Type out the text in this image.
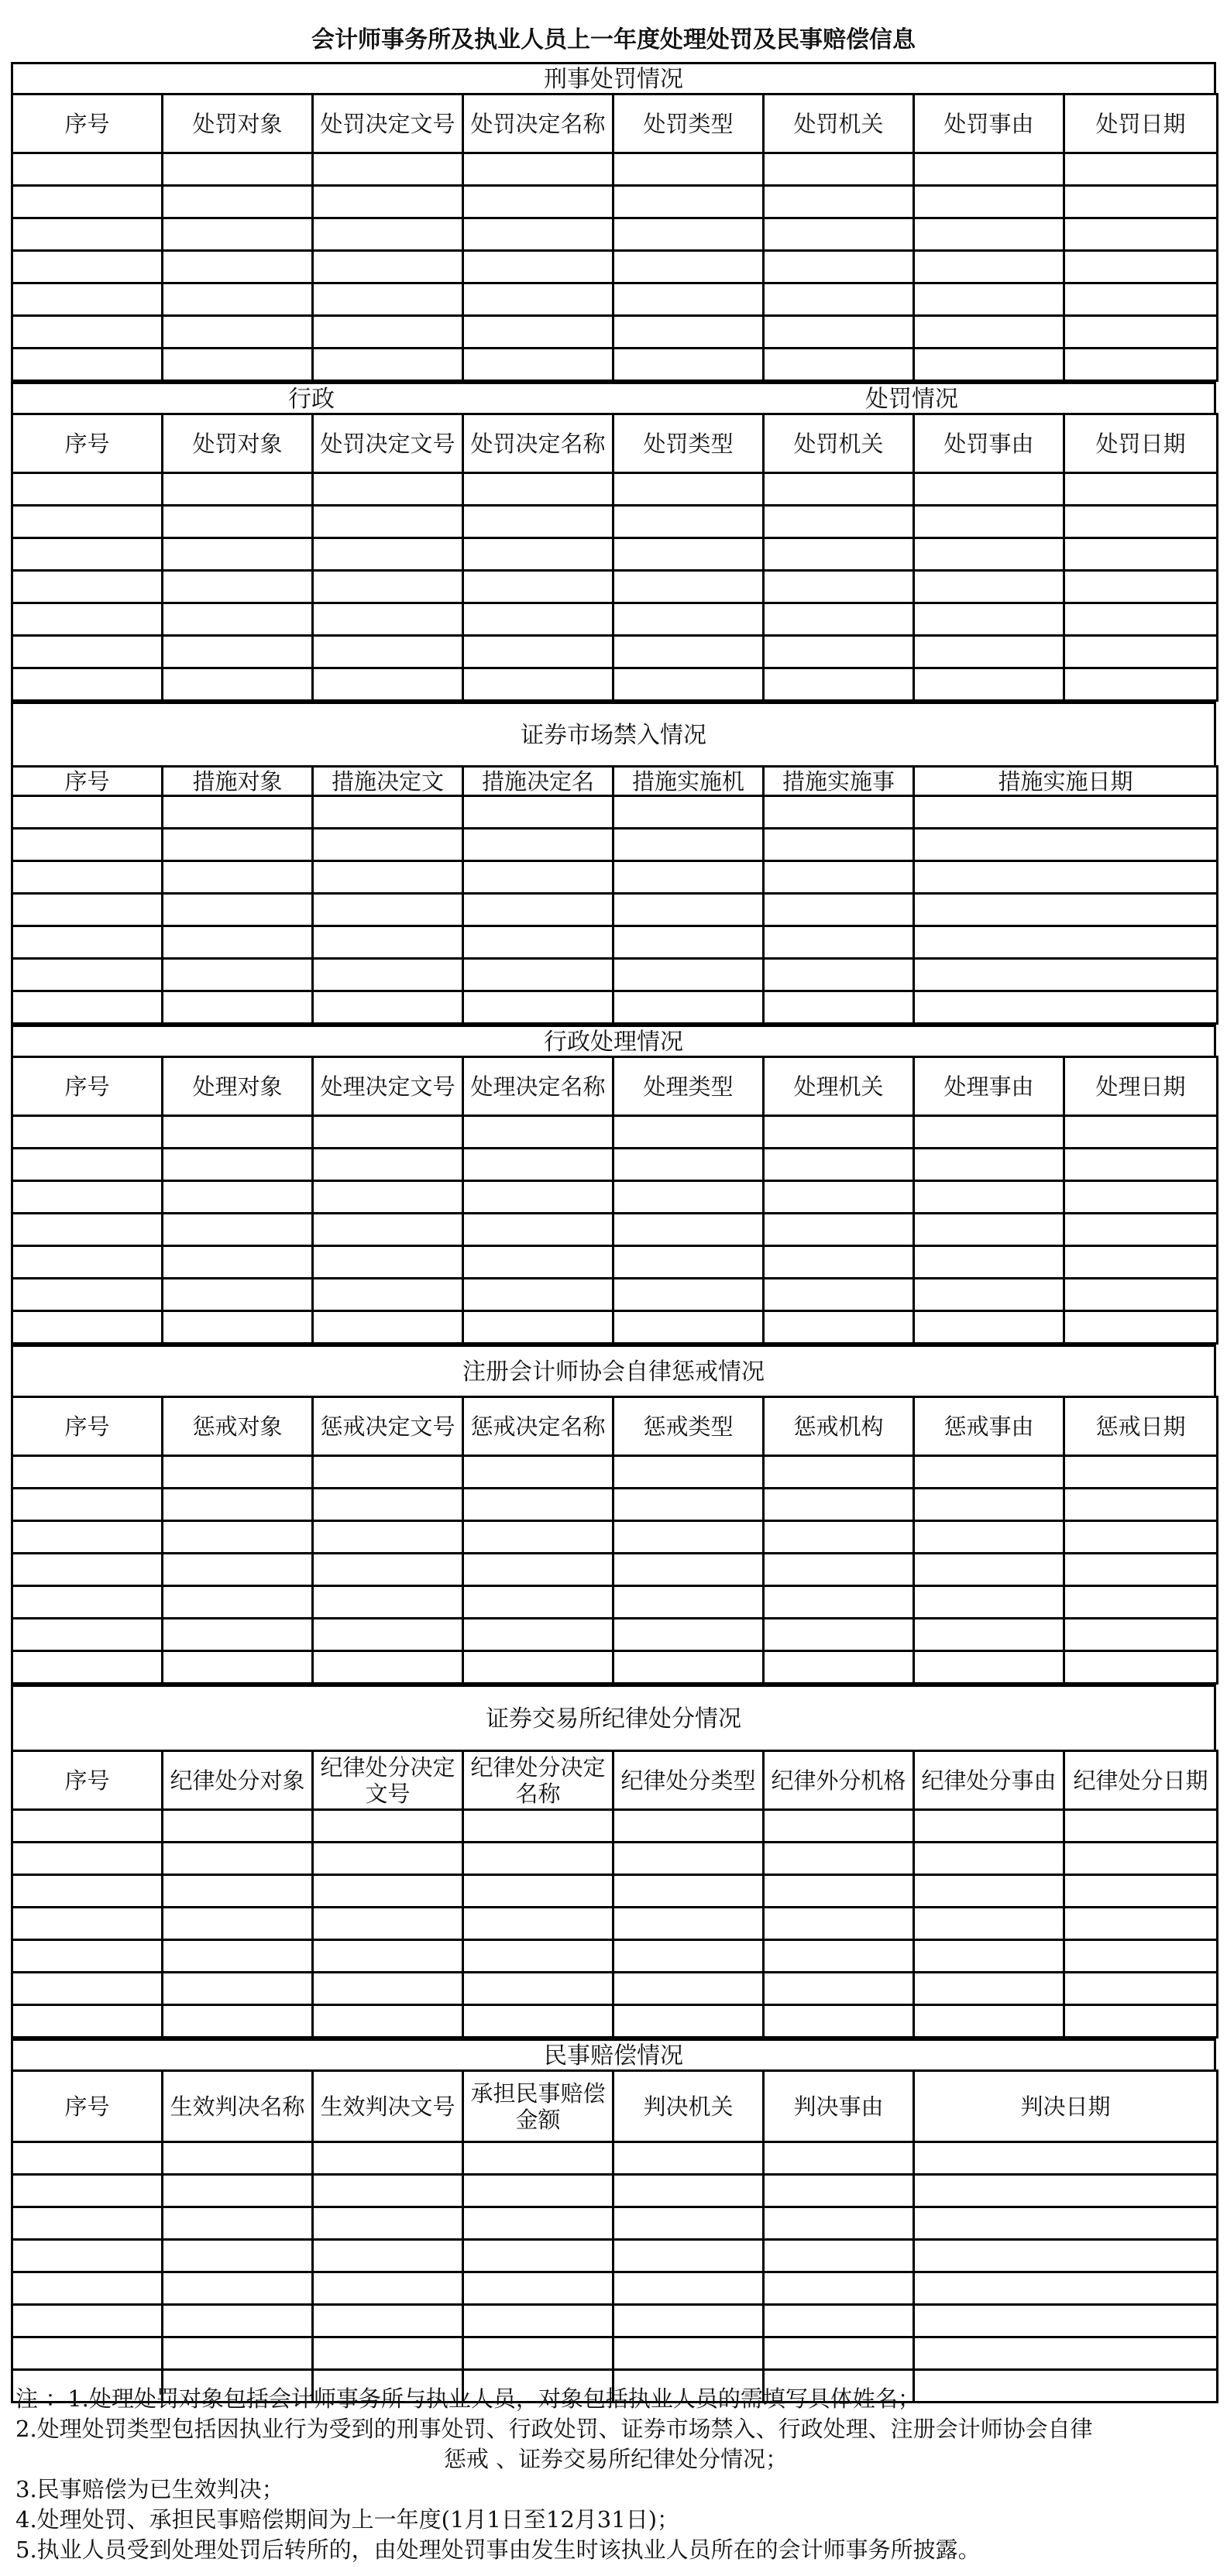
会计师事务所及执业人员上一年度处理处罚及民事赔偿信息
刑事处罚情况
序号	处罚对象	处罚决定文号	处罚决定名称	处罚类型	处罚机关	处罚事由	处罚日期

行政	处罚情况
序号	处罚对象	处罚决定文号	处罚决定名称	处罚类型	处罚机关	处罚事由	处罚日期

证券市场禁入情况
序号	措施对象	措施决定文	措施决定名	措施实施机	措施实施事	措施实施日期

行政处理情况
序号	处理对象	处理决定文号	处理决定名称	处理类型	处理机关	处理事由	处理日期

注册会计师协会自律惩戒情况
序号	惩戒对象	惩戒决定文号	惩戒决定名称	惩戒类型	惩戒机构	惩戒事由	惩戒日期

证券交易所纪律处分情况
序号	纪律处分对象	纪律处分决定文号	纪律处分决定名称	纪律处分类型	纪律外分机格	纪律处分事由	纪律处分日期

民事赔偿情况
序号	生效判决名称	生效判决文号	承担民事赔偿金额	判决机关	判决事由	判决日期

注 ：1.处理处罚对象包括会计师事务所与执业人员，对象包括执业人员的需填写具体姓名；
2.处理处罚类型包括因执业行为受到的刑事处罚、行政处罚、证券市场禁入、行政处理、注册会计师协会自律
惩戒 、证券交易所纪律处分情况；
3.民事赔偿为已生效判决；
4.处理处罚、承担民事赔偿期间为上一年度(1月1日至12月31日)；
5.执业人员受到处理处罚后转所的，由处理处罚事由发生时该执业人员所在的会计师事务所披露。
